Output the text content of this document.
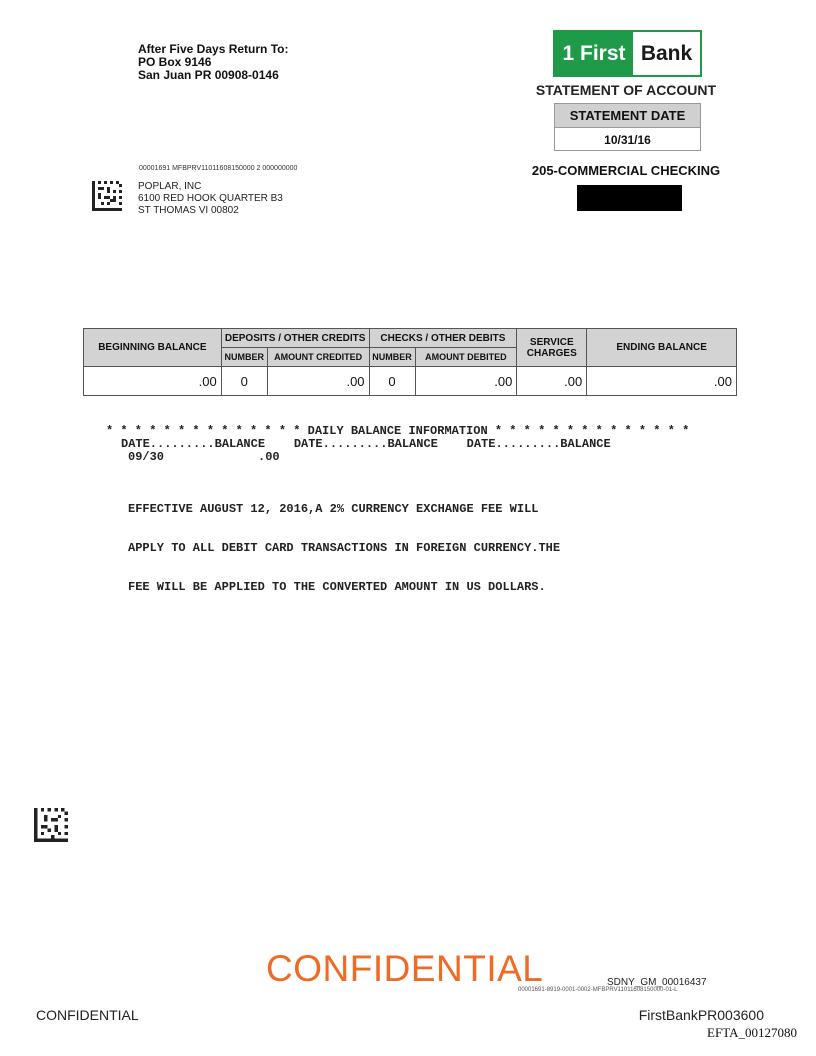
After Five Days Return To:
PO Box 9146
San Juan PR 00908-0146
1 First Bank
STATEMENT OF ACCOUNT
STATEMENT DATE
10/31/16
205-COMMERCIAL CHECKING
00001691 MFBPRV11011608150000 2 000000000
POPLAR, INC
6100 RED HOOK QUARTER B3
ST THOMAS VI 00802
BEGINNING BALANCE	DEPOSITS / OTHER CREDITS		CHECKS / OTHER DEBITS		SERVICE CHARGES	ENDING BALANCE
	NUMBER	AMOUNT CREDITED	NUMBER	AMOUNT DEBITED		
.00	0	.00	0	.00	.00	.00
* * * * * * * * * * * * * * DAILY BALANCE INFORMATION * * * * * * * * * * * * * *
DATE.........BALANCE    DATE.........BALANCE    DATE.........BALANCE
09/30	.00

EFFECTIVE AUGUST 12, 2016,A 2% CURRENCY EXCHANGE FEE WILL

APPLY TO ALL DEBIT CARD TRANSACTIONS IN FOREIGN CURRENCY.THE

FEE WILL BE APPLIED TO THE CONVERTED AMOUNT IN US DOLLARS.

CONFIDENTIAL	SDNY_GM_00016437
00001691-8919-0001-0002-MFBPRV11011608150000-01-L
CONFIDENTIAL	FirstBankPR003600
EFTA_00127080
